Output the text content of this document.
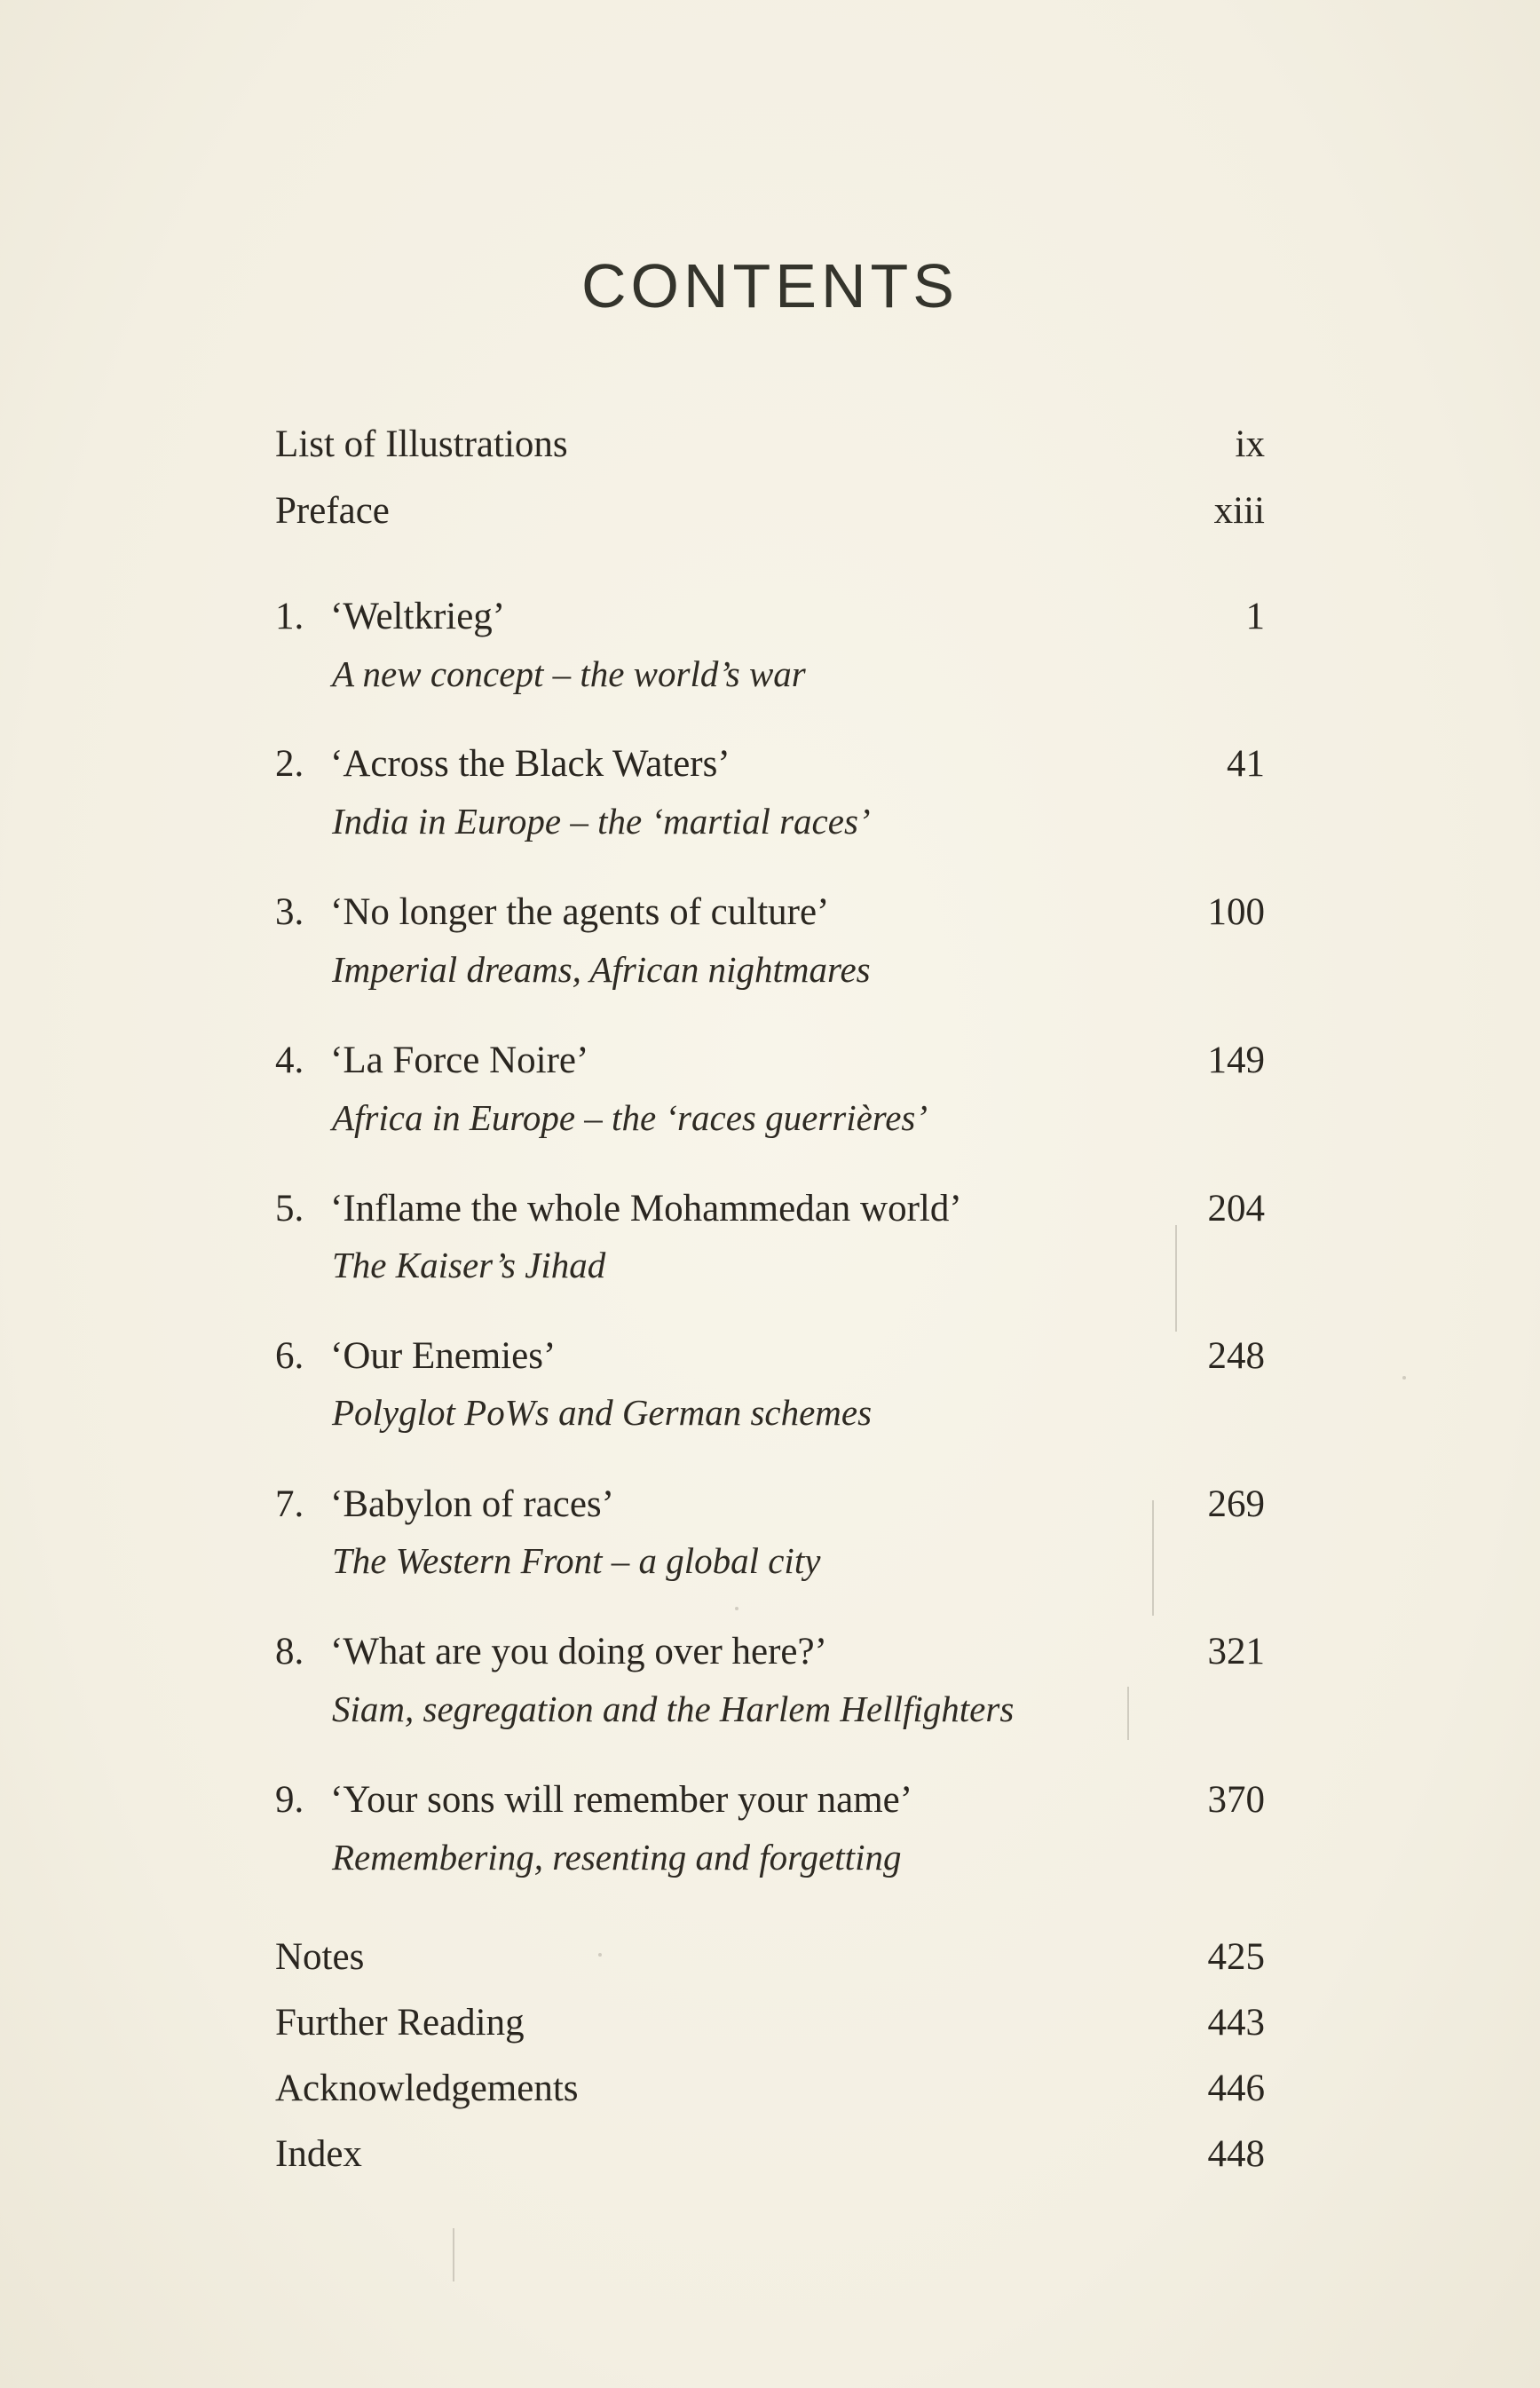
CONTENTS
List of Illustrations	ix
Preface	xiii
1. ‘Weltkrieg’	1
A new concept – the world’s war
2. ‘Across the Black Waters’	41
India in Europe – the ‘martial races’
3. ‘No longer the agents of culture’	100
Imperial dreams, African nightmares
4. ‘La Force Noire’	149
Africa in Europe – the ‘races guerrières’
5. ‘Inflame the whole Mohammedan world’	204
The Kaiser’s Jihad
6. ‘Our Enemies’	248
Polyglot PoWs and German schemes
7. ‘Babylon of races’	269
The Western Front – a global city
8. ‘What are you doing over here?’	321
Siam, segregation and the Harlem Hellfighters
9. ‘Your sons will remember your name’	370
Remembering, resenting and forgetting
Notes	425
Further Reading	443
Acknowledgements	446
Index	448
